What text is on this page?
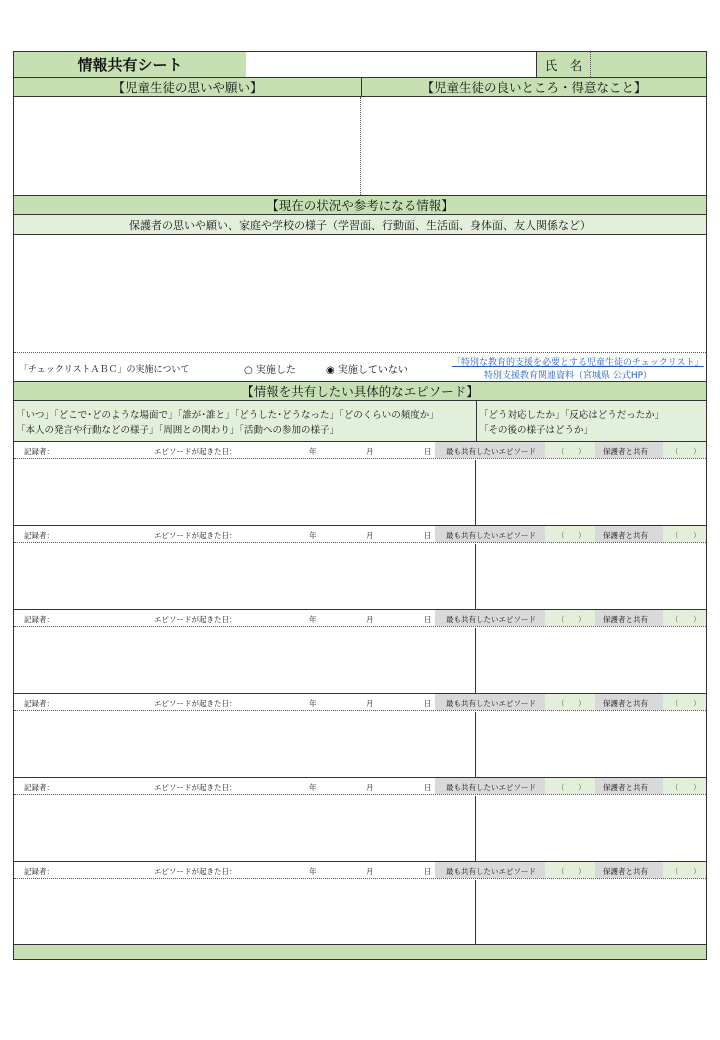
情報共有シート	氏　名
【児童生徒の思いや願い】	【児童生徒の良いところ・得意なこと】
【現在の状況や参考になる情報】
保護者の思いや願い、家庭や学校の様子（学習面、行動面、生活面、身体面、友人関係など）
「チェックリストＡＢＣ」の実施について	○ 実施した	◉ 実施していない
「特別な教育的支援を必要とする児童生徒のチェックリスト」
特別支援教育関連資料（宮城県 公式HP）
【情報を共有したい具体的なエピソード】
「いつ」「どこで･どのような場面で」「誰が･誰と」「どうした･どうなった」「どのくらいの頻度か」
「本人の発言や行動などの様子」「周囲との関わり」「活動への参加の様子」
「どう対応したか」「反応はどうだったか」
「その後の様子はどうか」
記録者：	エピソードが起きた日：	年	月	日 最も共有したいエピソード	（ ） 保護者と共有	（ ）
記録者：	エピソードが起きた日：	年	月	日 最も共有したいエピソード	（ ） 保護者と共有	（ ）
記録者：	エピソードが起きた日：	年	月	日 最も共有したいエピソード	（ ） 保護者と共有	（ ）
記録者：	エピソードが起きた日：	年	月	日 最も共有したいエピソード	（ ） 保護者と共有	（ ）
記録者：	エピソードが起きた日：	年	月	日 最も共有したいエピソード	（ ） 保護者と共有	（ ）
記録者：	エピソードが起きた日：	年	月	日 最も共有したいエピソード	（ ） 保護者と共有	（ ）
